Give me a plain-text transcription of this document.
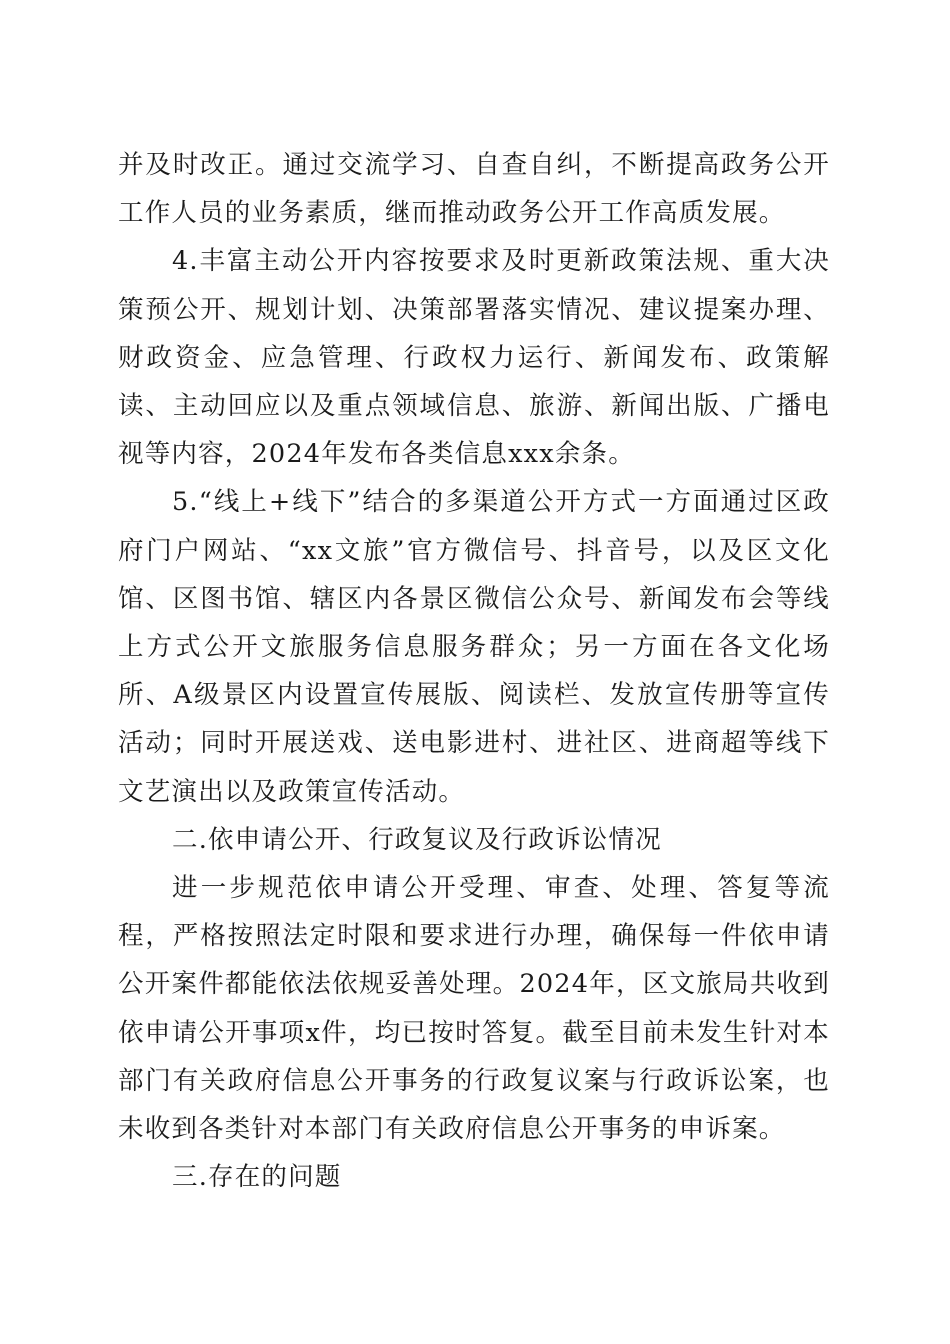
并及时改正。通过交流学习、自查自纠，不断提高政务公开工作人员的业务素质，继而推动政务公开工作高质发展。

4.丰富主动公开内容按要求及时更新政策法规、重大决策预公开、规划计划、决策部署落实情况、建议提案办理、财政资金、应急管理、行政权力运行、新闻发布、政策解读、主动回应以及重点领域信息、旅游、新闻出版、广播电视等内容，2024年发布各类信息xxx余条。

5.“线上+线下”结合的多渠道公开方式一方面通过区政府门户网站、“xx文旅”官方微信号、抖音号，以及区文化馆、区图书馆、辖区内各景区微信公众号、新闻发布会等线上方式公开文旅服务信息服务群众；另一方面在各文化场所、A级景区内设置宣传展版、阅读栏、发放宣传册等宣传活动；同时开展送戏、送电影进村、进社区、进商超等线下文艺演出以及政策宣传活动。

二.依申请公开、行政复议及行政诉讼情况

进一步规范依申请公开受理、审查、处理、答复等流程，严格按照法定时限和要求进行办理，确保每一件依申请公开案件都能依法依规妥善处理。2024年，区文旅局共收到依申请公开事项x件，均已按时答复。截至目前未发生针对本部门有关政府信息公开事务的行政复议案与行政诉讼案，也未收到各类针对本部门有关政府信息公开事务的申诉案。

三.存在的问题
